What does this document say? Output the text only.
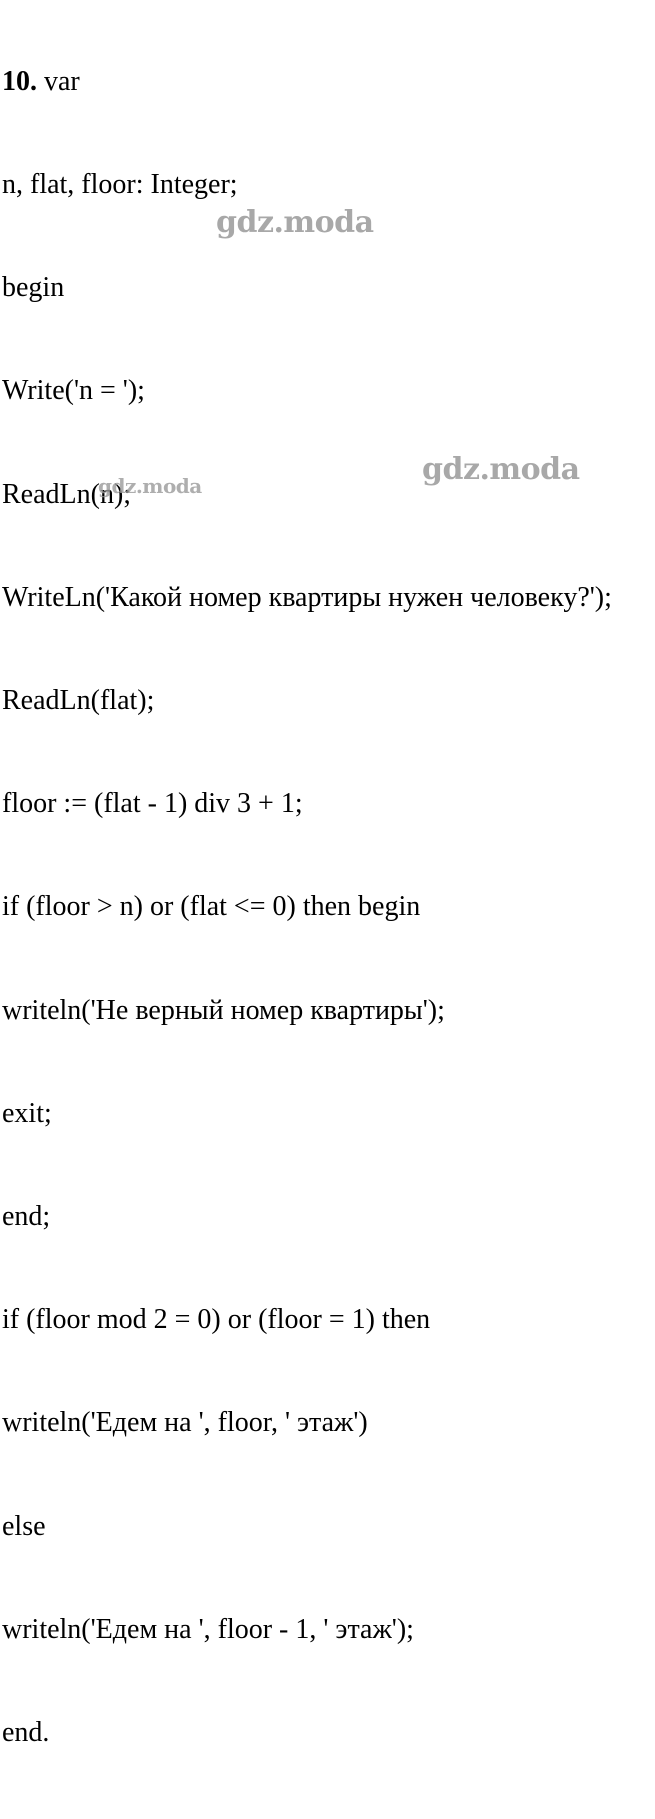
10. var

n, flat, floor: Integer;

begin

Write('n = ');

ReadLn(n);

WriteLn('Какой номер квартиры нужен человеку?');

ReadLn(flat);

floor := (flat - 1) div 3 + 1;

if (floor > n) or (flat <= 0) then begin

writeln('Не верный номер квартиры');

exit;

end;

if (floor mod 2 = 0) or (floor = 1) then

writeln('Едем на ', floor, ' этаж')

else

writeln('Едем на ', floor - 1, ' этаж');

end.

gdz.moda
gdz.moda
gdz.moda
